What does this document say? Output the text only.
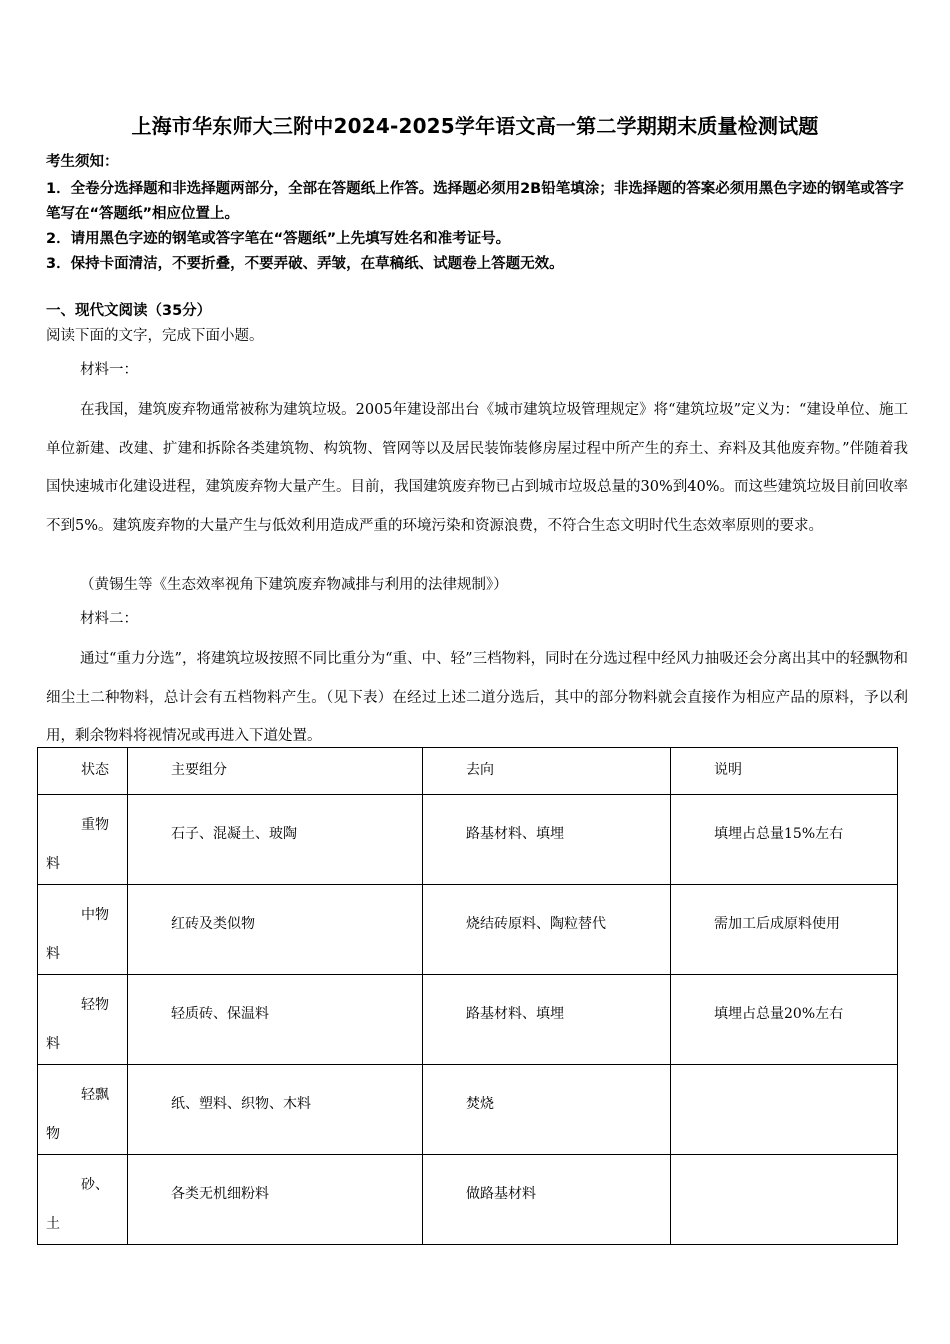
上海市华东师大三附中2024-2025学年语文高一第二学期期末质量检测试题
考生须知：

1．全卷分选择题和非选择题两部分，全部在答题纸上作答。选择题必须用2B铅笔填涂；非选择题的答案必须用黑色字迹的钢笔或答字笔写在“答题纸”相应位置上。

2．请用黑色字迹的钢笔或答字笔在“答题纸”上先填写姓名和准考证号。

3．保持卡面清洁，不要折叠，不要弄破、弄皱，在草稿纸、试题卷上答题无效。

一、现代文阅读（35分）
阅读下面的文字，完成下面小题。
材料一：

在我国，建筑废弃物通常被称为建筑垃圾。2005年建设部出台《城市建筑垃圾管理规定》将“建筑垃圾”定义为：“建设单位、施工单位新建、改建、扩建和拆除各类建筑物、构筑物、管网等以及居民装饰装修房屋过程中所产生的弃土、弃料及其他废弃物。”伴随着我国快速城市化建设进程，建筑废弃物大量产生。目前，我国建筑废弃物已占到城市垃圾总量的30%到40%。而这些建筑垃圾目前回收率不到5%。建筑废弃物的大量产生与低效利用造成严重的环境污染和资源浪费，不符合生态文明时代生态效率原则的要求。

（黄锡生等《生态效率视角下建筑废弃物减排与利用的法律规制》）
材料二：

通过“重力分选”，将建筑垃圾按照不同比重分为“重、中、轻”三档物料，同时在分选过程中经风力抽吸还会分离出其中的轻飘物和细尘土二种物料，总计会有五档物料产生。（见下表）在经过上述二道分选后，其中的部分物料就会直接作为相应产品的原料，予以利用，剩余物料将视情况或再进入下道处置。

状态	主要组分	去向	说明

重物料	石子、混凝土、玻陶	路基材料、填埋	填埋占总量15%左右

中物料	红砖及类似物	烧结砖原料、陶粒替代	需加工后成原料使用

轻物料	轻质砖、保温料	路基材料、填埋	填埋占总量20%左右

轻飘物	纸、塑料、织物、木料	焚烧	

砂、土	各类无机细粉料	做路基材料	
